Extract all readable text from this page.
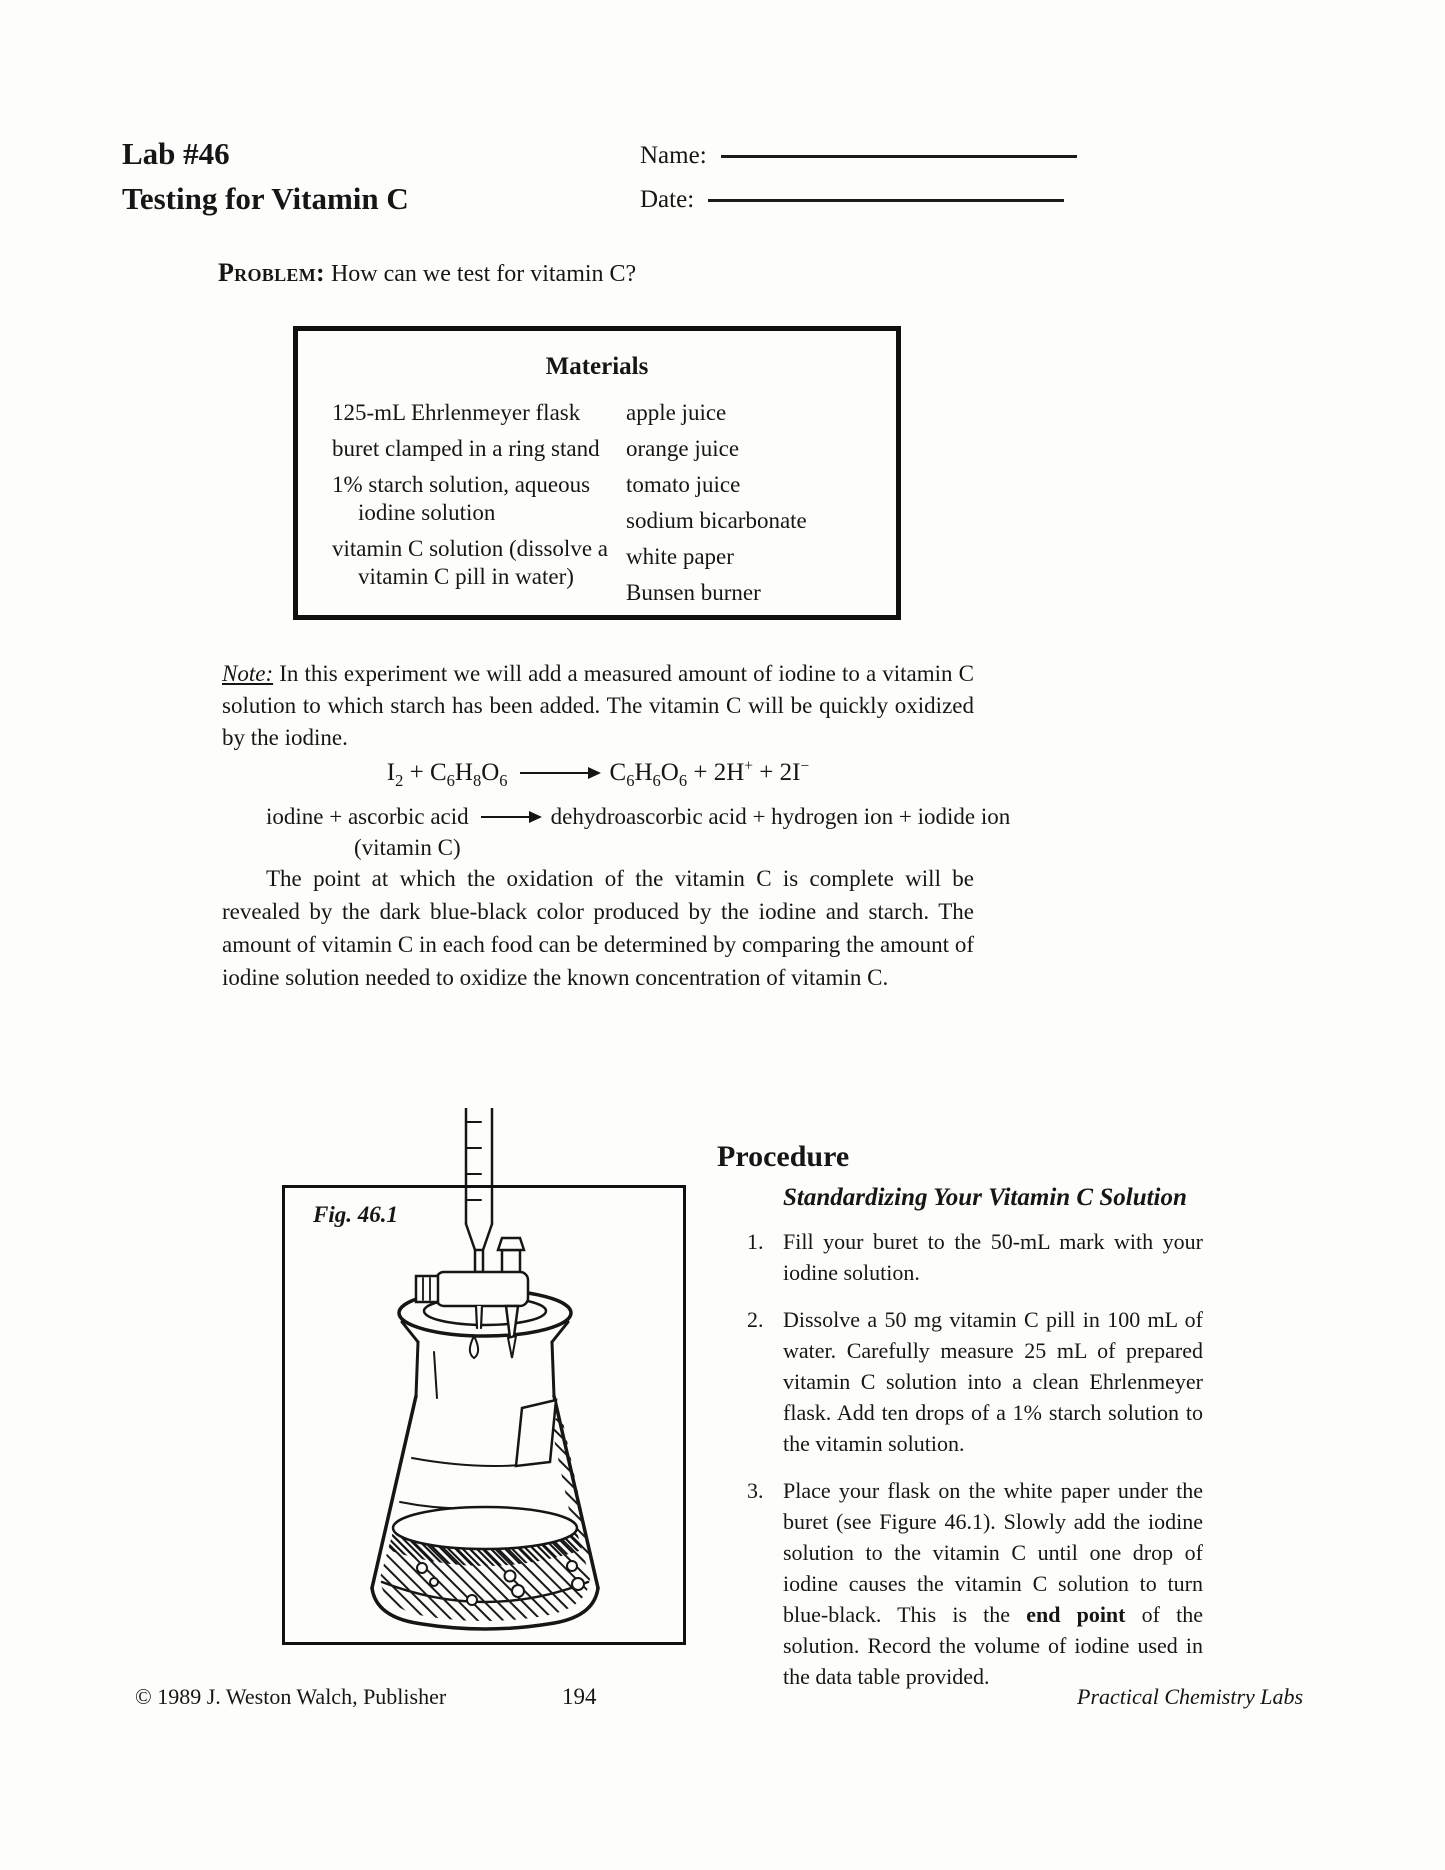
Lab #46
Testing for Vitamin C
Name:
Date:
Problem: How can we test for vitamin C?
Materials
125-mL Ehrlenmeyer flask
buret clamped in a ring stand
1% starch solution, aqueous
iodine solution
vitamin C solution (dissolve a
vitamin C pill in water)
apple juice
orange juice
tomato juice
sodium bicarbonate
white paper
Bunsen burner
Note: In this experiment we will add a measured amount of iodine to a vitamin C solution to which starch has been added. The vitamin C will be quickly oxidized by the iodine.
$I_2 + C_6H_8O_6 \to C_6H_6O_6 + 2H^+ + 2I^-$
iodine + ascorbic acid → dehydroascorbic acid + hydrogen ion + iodide ion
(vitamin C)
The point at which the oxidation of the vitamin C is complete will be revealed by the dark blue-black color produced by the iodine and starch. The amount of vitamin C in each food can be determined by comparing the amount of iodine solution needed to oxidize the known concentration of vitamin C.
Fig. 46.1
Procedure
Standardizing Your Vitamin C Solution
1. Fill your buret to the 50-mL mark with your iodine solution.
2. Dissolve a 50 mg vitamin C pill in 100 mL of water. Carefully measure 25 mL of prepared vitamin C solution into a clean Ehrlenmeyer flask. Add ten drops of a 1% starch solution to the vitamin solution.
3. Place your flask on the white paper under the buret (see Figure 46.1). Slowly add the iodine solution to the vitamin C until one drop of iodine causes the vitamin C solution to turn blue-black. This is the end point of the solution. Record the volume of iodine used in the data table provided.
© 1989 J. Weston Walch, Publisher	194	Practical Chemistry Labs
